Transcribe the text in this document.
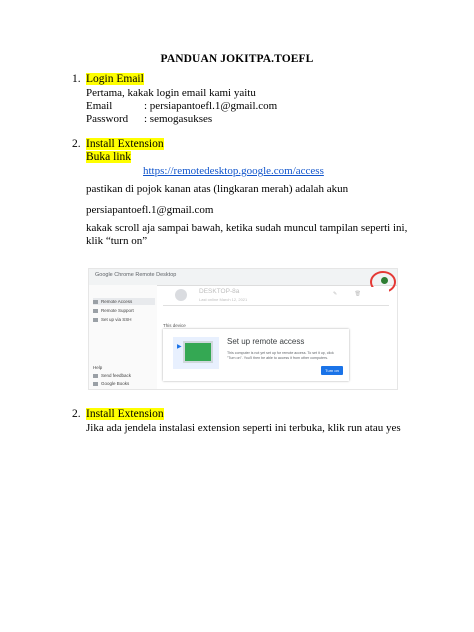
PANDUAN JOKITPA.TOEFL
1. Login Email
Pertama, kakak login email kami yaitu
Email	: persiapantoefl.1@gmail.com
Password : semogasukses
2. Install Extension
Buka link
https://remotedesktop.google.com/access
pastikan di pojok kanan atas (lingkaran merah) adalah akun
persiapantoefl.1@gmail.com
kakak scroll aja sampai bawah, ketika sudah muncul tampilan seperti ini,
klik “turn on”
Google Chrome Remote Desktop
Remote Access
Remote Support
Set up via SSH
Help
Send feedback
Google Books
DESKTOP-8a
Last online March 12, 2021
✎ 🗑
This device
▶
Set up remote access
This computer is not yet set up for remote access. To set it up, click "Turn on". You'll then be able to access it from other computers.
Turn on
2. Install Extension
Jika ada jendela instalasi extension seperti ini terbuka, klik run atau yes
